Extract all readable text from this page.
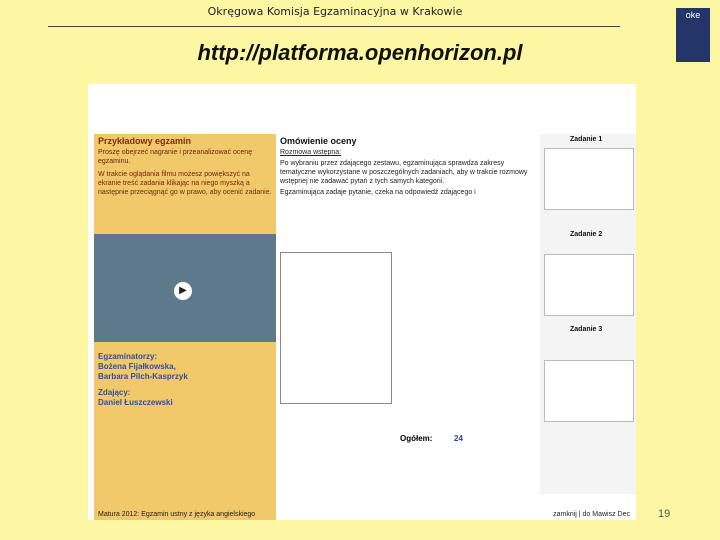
Okręgowa Komisja Egzaminacyjna w Krakowie
http://platforma.openhorizon.pl
oke
Przykładowy egzamin

Proszę obejrzeć nagranie i przeanalizować ocenę egzaminu.

W trakcie oglądania filmu możesz powiększyć na ekranie treść zadania klikając na niego myszką a następnie przeciągnąć go w prawo, aby ocenić zadanie.

▶
Egzaminatorzy:
Bożena Fijałkowska,
Barbara Pilch-Kasprzyk
Zdający:
Daniel Łuszczewski
Omówienie oceny

Rozmowa wstępna:

Po wybraniu przez zdającego zestawu, egzaminująca sprawdza zakresy tematyczne wykorzystane w poszczególnych zadaniach, aby w trakcie rozmowy wstępnej nie zadawać pytań z tych samych kategorii.

Egzaminująca zadaje pytanie, czeka na odpowiedź zdającego i

Ogółem:	24
Zadanie 1
Zadanie 2
Zadanie 3
Matura 2012: Egzamin ustny z języka angielskiego	zamknij | do Mawisz Dec	19
